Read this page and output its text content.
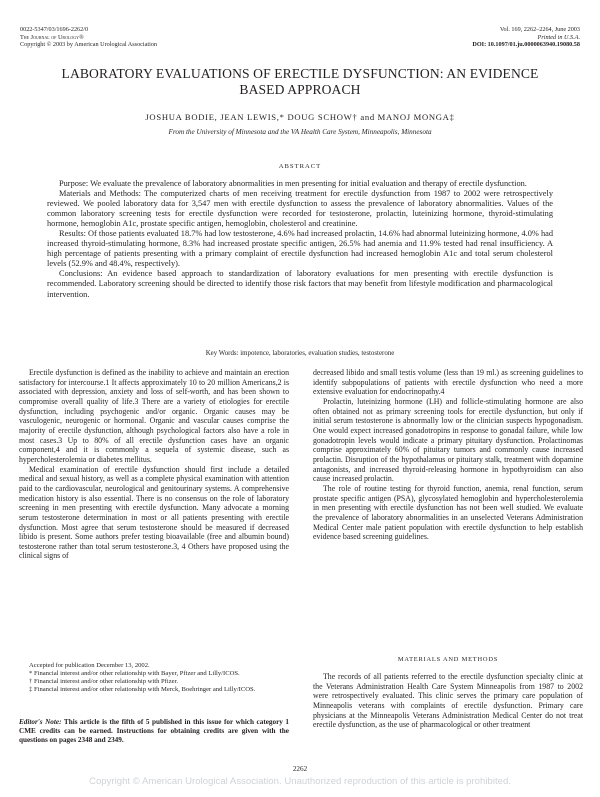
0022-5347/03/1696-2262/0
The Journal of Urology®
Copyright © 2003 by American Urological Association
Vol. 169, 2262–2264, June 2003
Printed in U.S.A.
DOI: 10.1097/01.ju.0000063940.19080.58
LABORATORY EVALUATIONS OF ERECTILE DYSFUNCTION: AN EVIDENCE BASED APPROACH
JOSHUA BODIE, JEAN LEWIS,* DOUG SCHOW† and MANOJ MONGA‡
From the University of Minnesota and the VA Health Care System, Minneapolis, Minnesota
ABSTRACT

Purpose: We evaluate the prevalence of laboratory abnormalities in men presenting for initial evaluation and therapy of erectile dysfunction.

Materials and Methods: The computerized charts of men receiving treatment for erectile dysfunction from 1987 to 2002 were retrospectively reviewed. We pooled laboratory data for 3,547 men with erectile dysfunction to assess the prevalence of laboratory abnormalities. Values of the common laboratory screening tests for erectile dysfunction were recorded for testosterone, prolactin, luteinizing hormone, thyroid-stimulating hormone, hemoglobin A1c, prostate specific antigen, hemoglobin, cholesterol and creatinine.

Results: Of those patients evaluated 18.7% had low testosterone, 4.6% had increased prolactin, 14.6% had abnormal luteinizing hormone, 4.0% had increased thyroid-stimulating hormone, 8.3% had increased prostate specific antigen, 26.5% had anemia and 11.9% tested had renal insufficiency. A high percentage of patients presenting with a primary complaint of erectile dysfunction had increased hemoglobin A1c and total serum cholesterol levels (52.9% and 48.4%, respectively).

Conclusions: An evidence based approach to standardization of laboratory evaluations for men presenting with erectile dysfunction is recommended. Laboratory screening should be directed to identify those risk factors that may benefit from lifestyle modification and pharmacological intervention.

Key Words: impotence, laboratories, evaluation studies, testosterone

Erectile dysfunction is defined as the inability to achieve and maintain an erection satisfactory for intercourse.1 It affects approximately 10 to 20 million Americans,2 is associated with depression, anxiety and loss of self-worth, and has been shown to compromise overall quality of life.3 There are a variety of etiologies for erectile dysfunction, including psychogenic and/or organic. Organic causes may be vasculogenic, neurogenic or hormonal. Organic and vascular causes comprise the majority of erectile dysfunction, although psychological factors also have a role in most cases.3 Up to 80% of all erectile dysfunction cases have an organic component,4 and it is commonly a sequela of systemic disease, such as hypercholesterolemia or diabetes mellitus.

Medical examination of erectile dysfunction should first include a detailed medical and sexual history, as well as a complete physical examination with attention paid to the cardiovascular, neurological and genitourinary systems. A comprehensive medication history is also essential. There is no consensus on the role of laboratory screening in men presenting with erectile dysfunction. Many advocate a morning serum testosterone determination in most or all patients presenting with erectile dysfunction. Most agree that serum testosterone should be measured if decreased libido is present. Some authors prefer testing bioavailable (free and albumin bound) testosterone rather than total serum testosterone.3, 4 Others have proposed using the clinical signs of

Accepted for publication December 13, 2002.

* Financial interest and/or other relationship with Bayer, Pfizer and Lilly/ICOS.

† Financial interest and/or other relationship with Pfizer.

‡ Financial interest and/or other relationship with Merck, Boehringer and Lilly/ICOS.

Editor's Note: This article is the fifth of 5 published in this issue for which category 1 CME credits can be earned. Instructions for obtaining credits are given with the questions on pages 2348 and 2349.

decreased libido and small testis volume (less than 19 ml.) as screening guidelines to identify subpopulations of patients with erectile dysfunction who need a more extensive evaluation for endocrinopathy.4

Prolactin, luteinizing hormone (LH) and follicle-stimulating hormone are also often obtained not as primary screening tools for erectile dysfunction, but only if initial serum testosterone is abnormally low or the clinician suspects hypogonadism. One would expect increased gonadotropins in response to gonadal failure, while low gonadotropin levels would indicate a primary pituitary dysfunction. Prolactinomas comprise approximately 60% of pituitary tumors and commonly cause increased prolactin. Disruption of the hypothalamus or pituitary stalk, treatment with dopamine antagonists, and increased thyroid-releasing hormone in hypothyroidism can also cause increased prolactin.

The role of routine testing for thyroid function, anemia, renal function, serum prostate specific antigen (PSA), glycosylated hemoglobin and hypercholesterolemia in men presenting with erectile dysfunction has not been well studied. We evaluate the prevalence of laboratory abnormalities in an unselected Veterans Administration Medical Center male patient population with erectile dysfunction to help establish evidence based screening guidelines.

MATERIALS AND METHODS

The records of all patients referred to the erectile dysfunction specialty clinic at the Veterans Administration Health Care System Minneapolis from 1987 to 2002 were retrospectively evaluated. This clinic serves the primary care population of Minneapolis veterans with complaints of erectile dysfunction. Primary care physicians at the Minneapolis Veterans Administration Medical Center do not treat erectile dysfunction, as the use of pharmacological or other treatment

2262
Copyright © American Urological Association. Unauthorized reproduction of this article is prohibited.
